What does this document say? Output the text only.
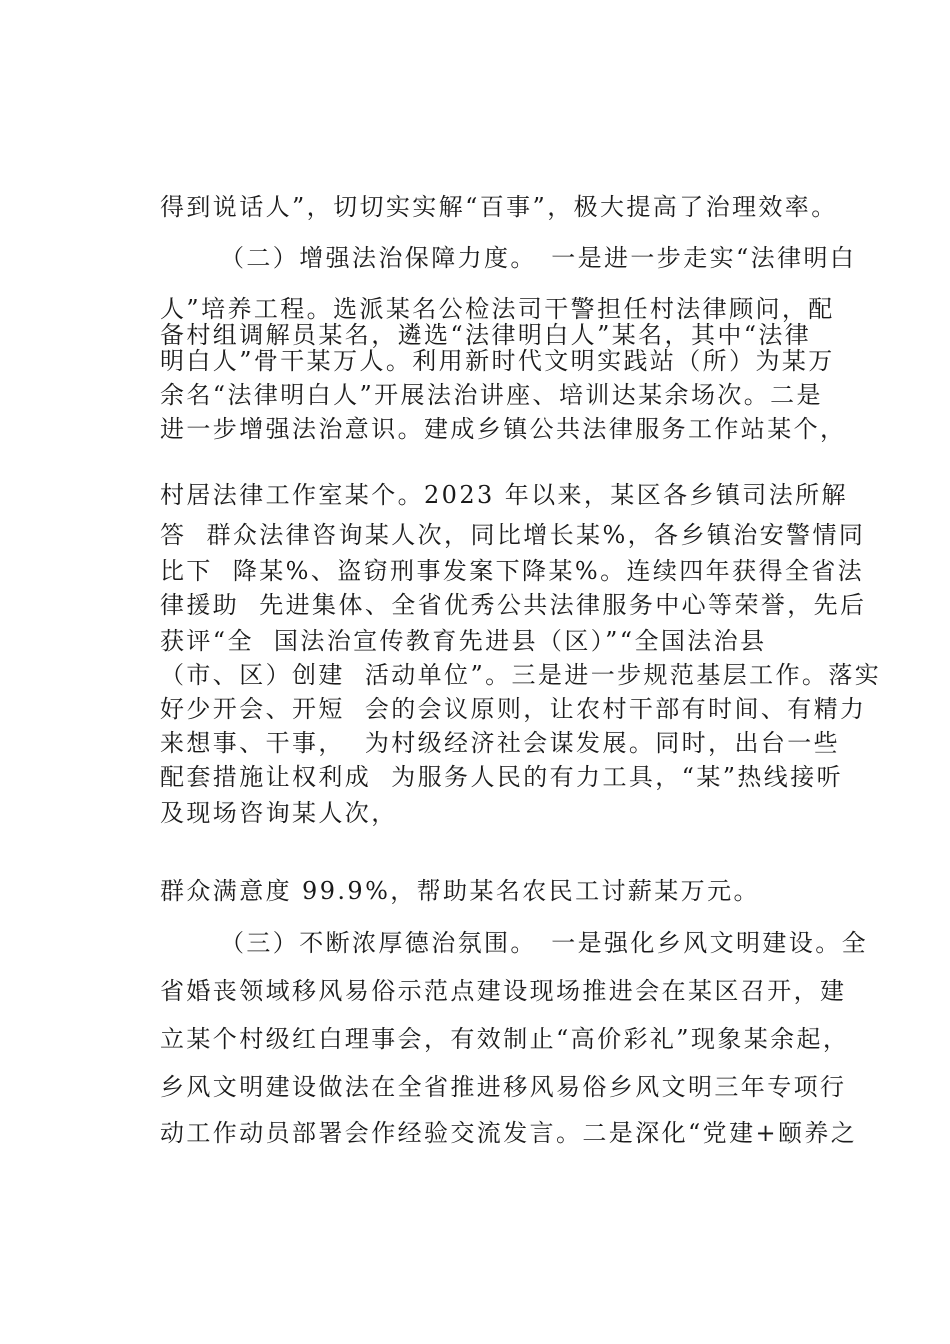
得到说话人”，切切实实解“百事”，极大提高了治理效率。
（二）增强法治保障力度。　一是进一步走实“法律明白
人”培养工程。选派某名公检法司干警担任村法律顾问，配
备村组调解员某名，遴选“法律明白人”某名，其中“法律
明白人”骨干某万人。利用新时代文明实践站（所）为某万
余名“法律明白人”开展法治讲座、培训达某余场次。二是
进一步增强法治意识。建成乡镇公共法律服务工作站某个，
村居法律工作室某个。2023 年以来，某区各乡镇司法所解
答  群众法律咨询某人次，同比增长某%，各乡镇治安警情同
比下  降某%、盗窃刑事发案下降某%。连续四年获得全省法
律援助  先进集体、全省优秀公共法律服务中心等荣誉，先后
获评“全  国法治宣传教育先进县（区）”“全国法治县
（市、区）创建  活动单位”。三是进一步规范基层工作。落实
好少开会、开短  会的会议原则，让农村干部有时间、有精力
来想事、干事，  为村级经济社会谋发展。同时，出台一些
配套措施让权利成  为服务人民的有力工具，“某”热线接听
及现场咨询某人次，
群众满意度 99.9%，帮助某名农民工讨薪某万元。
（三）不断浓厚德治氛围。　一是强化乡风文明建设。全
省婚丧领域移风易俗示范点建设现场推进会在某区召开，建
立某个村级红白理事会，有效制止“高价彩礼”现象某余起，
乡风文明建设做法在全省推进移风易俗乡风文明三年专项行
动工作动员部署会作经验交流发言。二是深化“党建+颐养之
